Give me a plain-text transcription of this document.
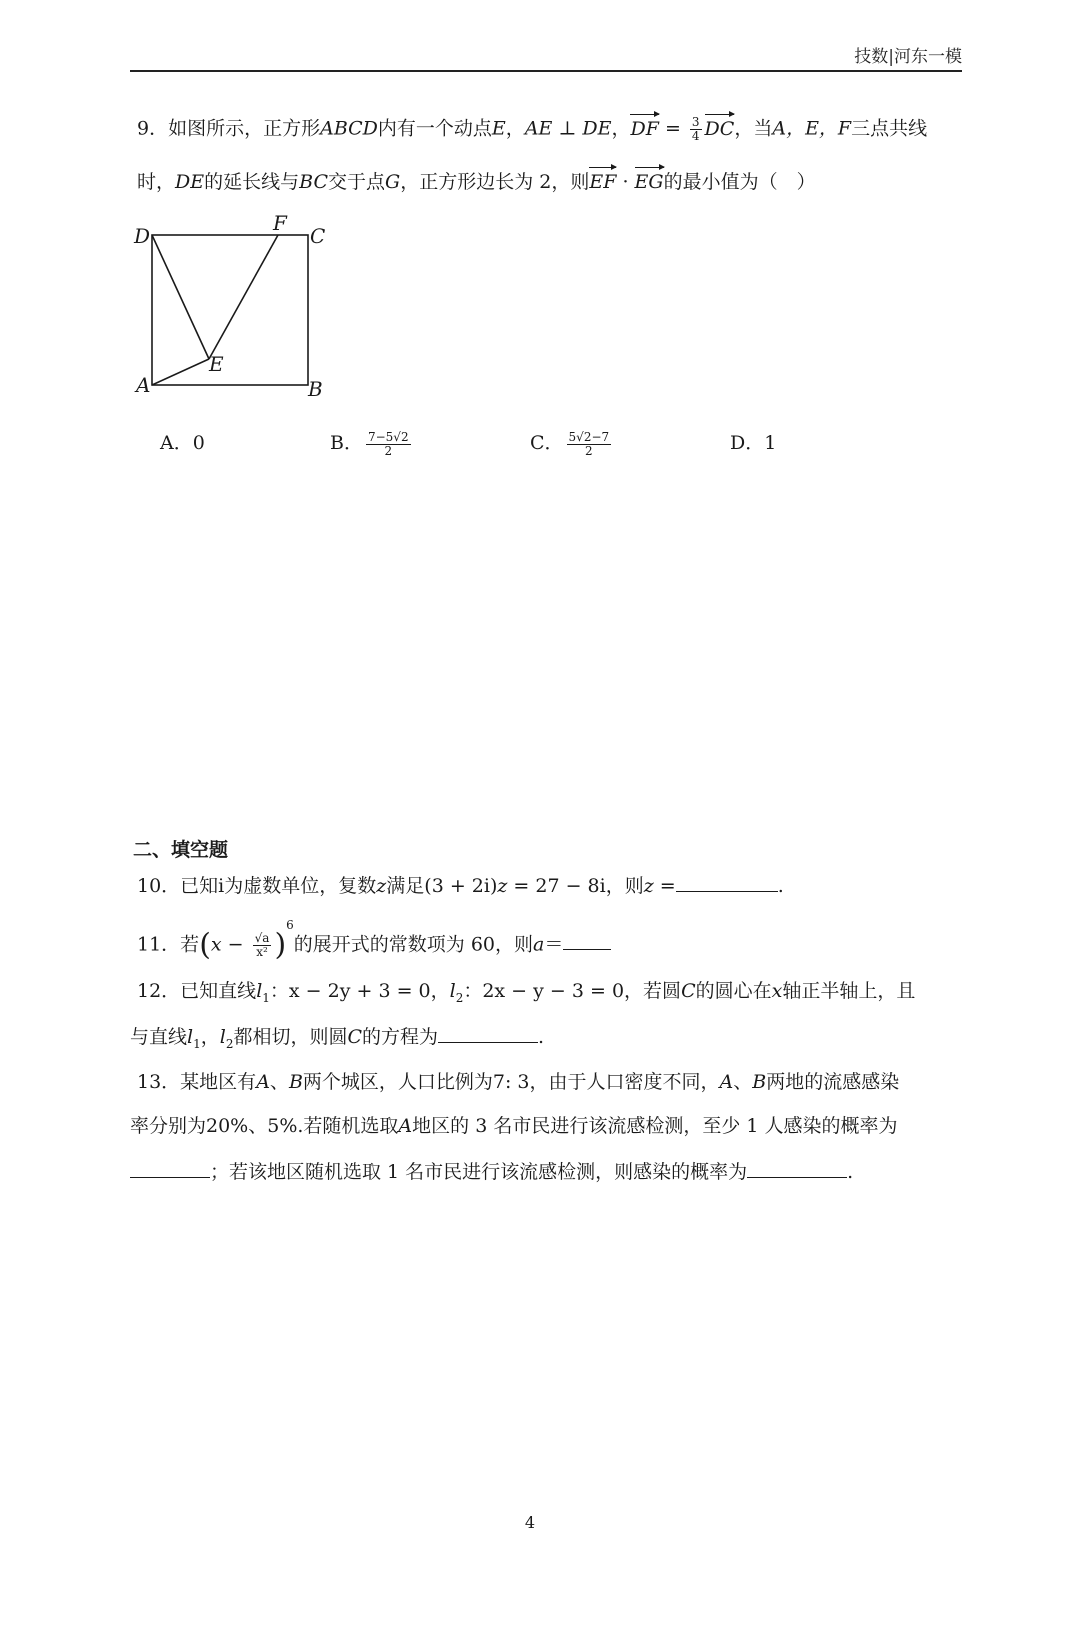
技数|河东一模
9．如图所示，正方形ABCD内有一个动点E，AE ⊥ DE，DF = $\frac{3}{4}$ DC，当A，E，F三点共线
时，DE的延长线与BC交于点G，正方形边长为 2，则EF · EG的最小值为（　）
D
F
C
E
A	B
A．0	B． $\frac{7-5√2}{2}$	C． $\frac{5√2-7}{2}$	D．1
二、填空题
10．已知i为虚数单位，复数z满足(3 + 2i)z = 27 − 8i，则z =	.
11．若$(x - \frac{√a}{\text{x²}} )^6$的展开式的常数项为 60，则a＝
12．已知直线$l_1$：x − 2y + 3 = 0，$l_2$：2x − y − 3 = 0，若圆C的圆心在x轴正半轴上，且
与直线$l_1$，$l_2$都相切，则圆C的方程为	.
13．某地区有A、B两个城区，人口比例为7: 3，由于人口密度不同，A、B两地的流感感染
率分别为20%、5%.若随机选取A地区的 3 名市民进行该流感检测，至少 1 人感染的概率为
；若该地区随机选取 1 名市民进行该流感检测，则感染的概率为	.
4
